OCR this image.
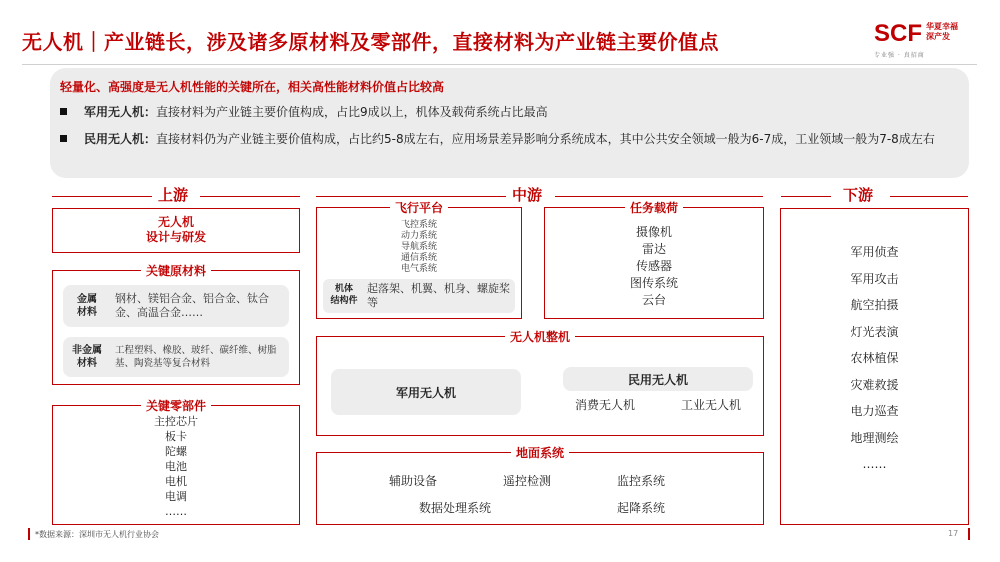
无人机｜产业链长，涉及诸多原材料及零部件，直接材料为产业链主要价值点	SCF 华夏幸福
深产发
专业强 · 真招商
轻量化、高强度是无人机性能的关键所在，相关高性能材料价值占比较高
军用无人机：直接材料为产业链主要价值构成，占比9成以上，机体及载荷系统占比最高
民用无人机：直接材料仍为产业链主要价值构成，占比约5-8成左右，应用场景差异影响分系统成本，其中公共安全领域一般为6-7成，工业领域一般为7-8成左右
上游	中游	下游
无人机
设计与研发
关键原材料
金属
材料
钢材、镁铝合金、铝合金、钛合金、高温合金……
非金属
材料
工程塑料、橡胶、玻纤、碳纤维、树脂基、陶瓷基等复合材料
关键零部件
主控芯片
板卡
陀螺
电池
电机
电调
……
飞行平台
飞控系统
动力系统
导航系统
通信系统
电气系统
机体
结构件
起落架、机翼、机身、螺旋桨等
任务载荷
摄像机
雷达
传感器
图传系统
云台
无人机整机
军用无人机
民用无人机
消费无人机	工业无人机
地面系统
辅助设备	遥控检测	监控系统
数据处理系统	起降系统
军用侦查
军用攻击
航空拍摄
灯光表演
农林植保
灾难救援
电力巡查
地理测绘
……
*数据来源：深圳市无人机行业协会	17
